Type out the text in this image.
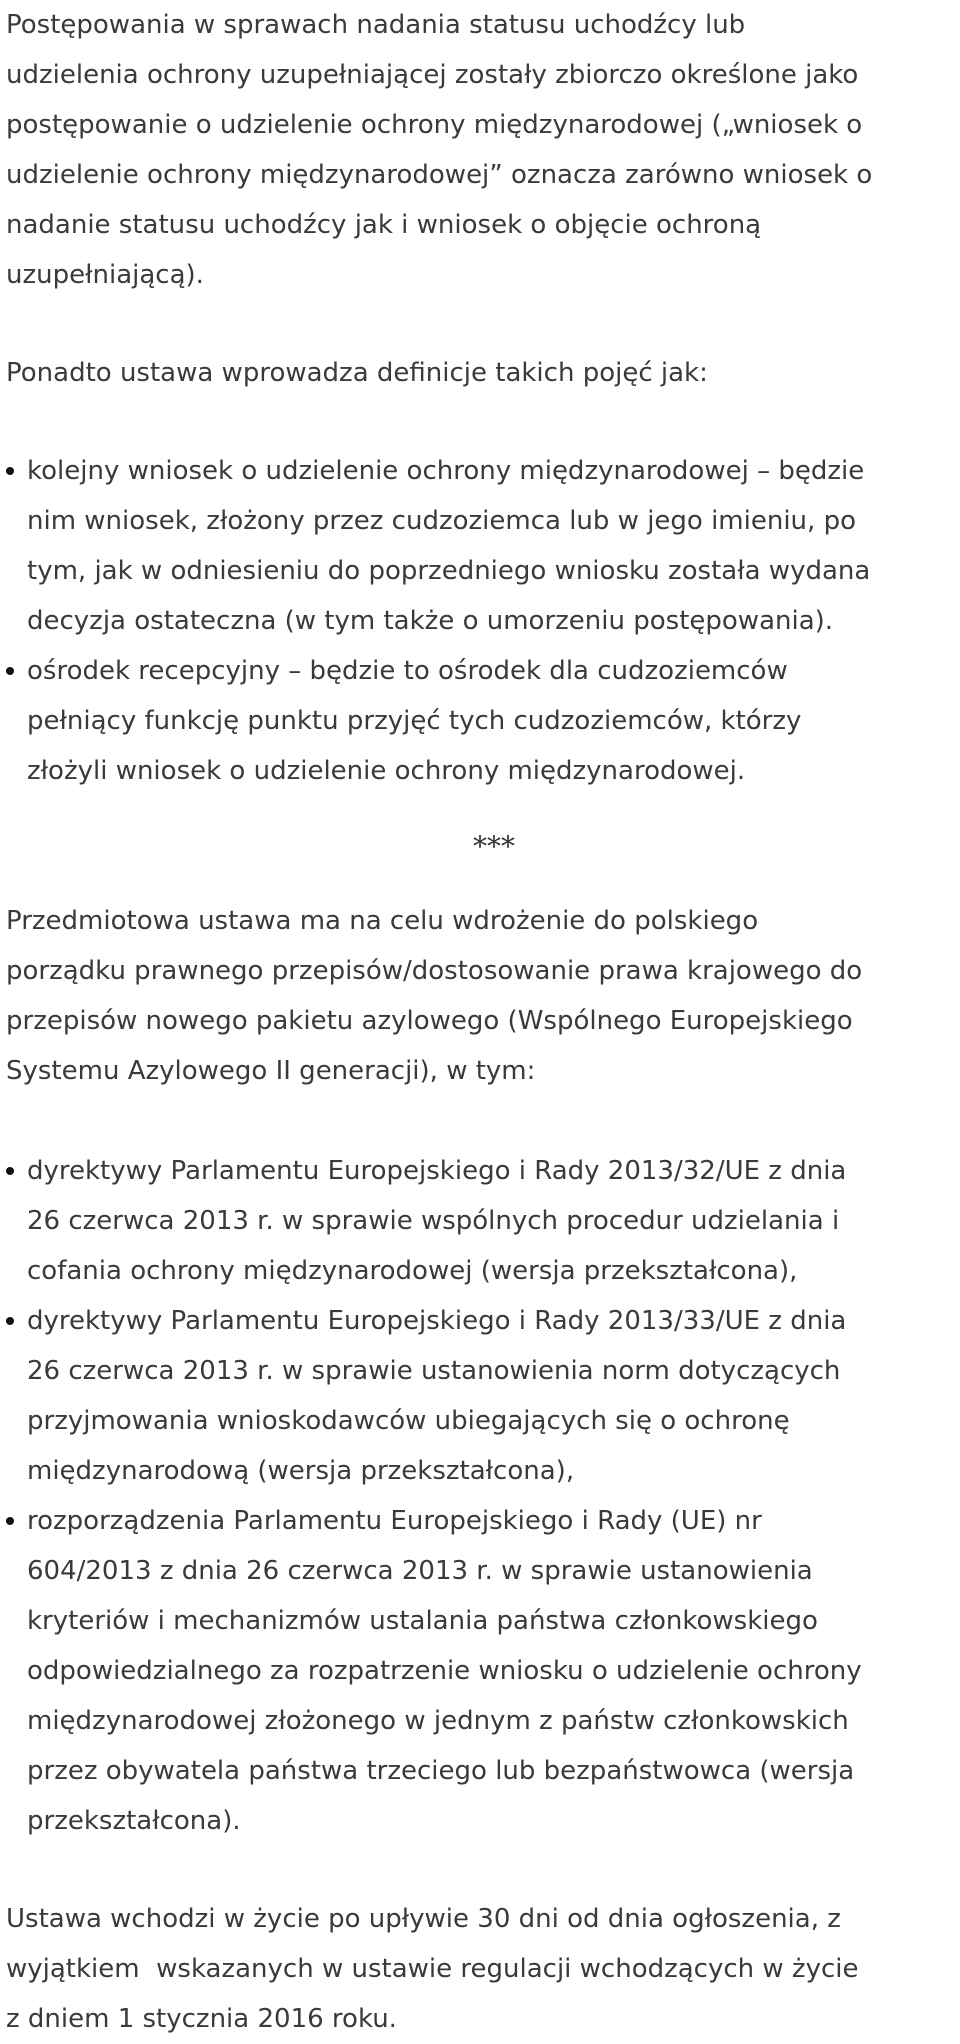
Postępowania w sprawach nadania statusu uchodźcy lub
udzielenia ochrony uzupełniającej zostały zbiorczo określone jako
postępowanie o udzielenie ochrony międzynarodowej („wniosek o
udzielenie ochrony międzynarodowej” oznacza zarówno wniosek o
nadanie statusu uchodźcy jak i wniosek o objęcie ochroną
uzupełniającą).

Ponadto ustawa wprowadza definicje takich pojęć jak:

kolejny wniosek o udzielenie ochrony międzynarodowej – będzie
nim wniosek, złożony przez cudzoziemca lub w jego imieniu, po
tym, jak w odniesieniu do poprzedniego wniosku została wydana
decyzja ostateczna (w tym także o umorzeniu postępowania).
ośrodek recepcyjny – będzie to ośrodek dla cudzoziemców
pełniący funkcję punktu przyjęć tych cudzoziemców, którzy
złożyli wniosek o udzielenie ochrony międzynarodowej.
***

Przedmiotowa ustawa ma na celu wdrożenie do polskiego
porządku prawnego przepisów/dostosowanie prawa krajowego do
przepisów nowego pakietu azylowego (Wspólnego Europejskiego
Systemu Azylowego II generacji), w tym:

dyrektywy Parlamentu Europejskiego i Rady 2013/32/UE z dnia
26 czerwca 2013 r. w sprawie wspólnych procedur udzielania i
cofania ochrony międzynarodowej (wersja przekształcona),
dyrektywy Parlamentu Europejskiego i Rady 2013/33/UE z dnia
26 czerwca 2013 r. w sprawie ustanowienia norm dotyczących
przyjmowania wnioskodawców ubiegających się o ochronę
międzynarodową (wersja przekształcona),
rozporządzenia Parlamentu Europejskiego i Rady (UE) nr
604/2013 z dnia 26 czerwca 2013 r. w sprawie ustanowienia
kryteriów i mechanizmów ustalania państwa członkowskiego
odpowiedzialnego za rozpatrzenie wniosku o udzielenie ochrony
międzynarodowej złożonego w jednym z państw członkowskich
przez obywatela państwa trzeciego lub bezpaństwowca (wersja
przekształcona).

Ustawa wchodzi w życie po upływie 30 dni od dnia ogłoszenia, z
wyjątkiem  wskazanych w ustawie regulacji wchodzących w życie
z dniem 1 stycznia 2016 roku.
